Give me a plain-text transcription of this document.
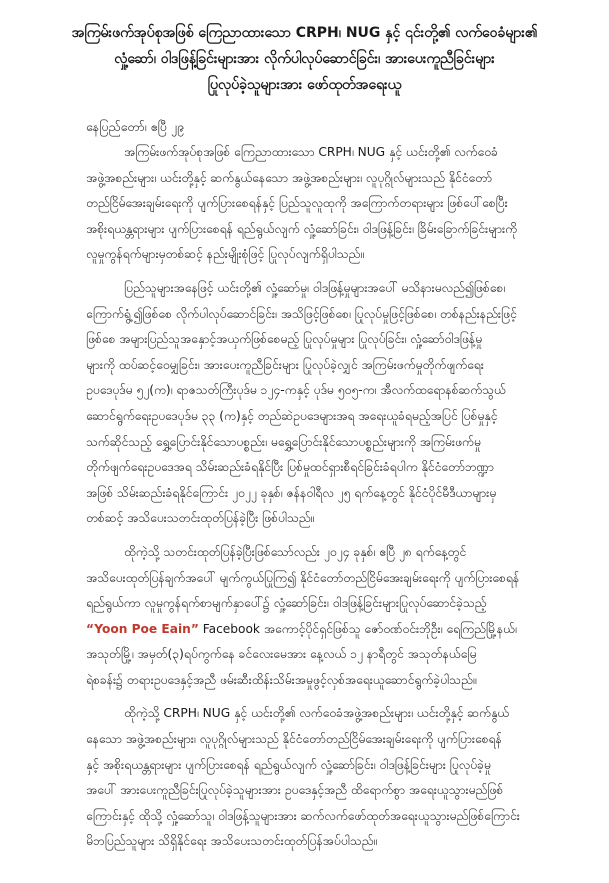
အကြမ်းဖက်အုပ်စုအဖြစ် ကြေညာထားသော CRPH၊ NUG နှင့် ၎င်းတို့၏ လက်ဝေခံများ၏
လှုံ့ဆော်၊ ဝါဒဖြန့်ခြင်းများအား လိုက်ပါလုပ်ဆောင်ခြင်း၊ အားပေးကူညီခြင်းများ
ပြုလုပ်ခဲ့သူများအား ဖော်ထုတ်အရေးယူ
နေပြည်တော်၊ ဧပြီ ၂၉
အကြမ်းဖက်အုပ်စုအဖြစ် ကြေညာထားသော CRPH၊ NUG နှင့် ယင်းတို့၏ လက်ဝေခံ
အဖွဲ့အစည်းများ၊ ယင်းတို့နှင့် ဆက်နွယ်နေသော အဖွဲ့အစည်းများ၊ လူပုဂ္ဂိုလ်များသည် နိုင်ငံတော်
တည်ငြိမ်အေးချမ်းရေးကို ပျက်ပြားစေရန်နှင့် ပြည်သူလူထုကို အကြောက်တရားများ ဖြစ်ပေါ်စေပြီး
အစိုးရယန္တရားများ ပျက်ပြားစေရန် ရည်ရွယ်လျက် လှုံ့ဆော်ခြင်း၊ ဝါဒဖြန့်ခြင်း၊ ခြိမ်းခြောက်ခြင်းများကို
လူမှုကွန်ရက်များမှတစ်ဆင့် နည်းမျိုးစုံဖြင့် ပြုလုပ်လျက်ရှိပါသည်။
ပြည်သူများအနေဖြင့် ယင်းတို့၏ လှုံ့ဆော်မှု၊ ဝါဒဖြန့်မှုများအပေါ် မသိနားမလည်၍ဖြစ်စေ၊
ကြောက်ရွံ့၍ဖြစ်စေ လိုက်ပါလုပ်ဆောင်ခြင်း၊ အသိဖြင့်ဖြစ်စေ၊ ပြုလုပ်မှုဖြင့်ဖြစ်စေ၊ တစ်နည်းနည်းဖြင့်
ဖြစ်စေ အများပြည်သူအနှောင့်အယှက်ဖြစ်စေမည့် ပြုလုပ်မှုများ ပြုလုပ်ခြင်း၊ လှုံ့ဆော်ဝါဒဖြန့်မှု
များကို ထပ်ဆင့်ဝေမျှခြင်း၊ အားပေးကူညီခြင်းများ ပြုလုပ်ခဲ့လျှင် အကြမ်းဖက်မှုတိုက်ဖျက်ရေး
ဥပဒေပုဒ်မ ၅၂(က)၊ ရာဇသတ်ကြီးပုဒ်မ ၁၂၄-ကနှင့် ပုဒ်မ ၅၀၅-က၊ အီလက်ထရောနစ်ဆက်သွယ်
ဆောင်ရွက်ရေးဥပဒေပုဒ်မ ၃၃ (က)နှင့် တည်ဆဲဥပဒေများအရ အရေးယူခံရမည့်အပြင် ပြစ်မှုနှင့်
သက်ဆိုင်သည့် ရွှေ့ပြောင်းနိုင်သောပစ္စည်း၊ မရွှေ့ပြောင်းနိုင်သောပစ္စည်းများကို အကြမ်းဖက်မှု
တိုက်ဖျက်ရေးဥပဒေအရ သိမ်းဆည်းခံရနိုင်ပြီး ပြစ်မှုထင်ရှားစီရင်ခြင်းခံရပါက နိုင်ငံတော်ဘဏ္ဍာ
အဖြစ် သိမ်းဆည်းခံရနိုင်ကြောင်း ၂၀၂၂ ခုနှစ်၊ ဇန်နဝါရီလ ၂၅ ရက်နေ့တွင် နိုင်ငံပိုင်မီဒီယာများမှ
တစ်ဆင့် အသိပေးသတင်းထုတ်ပြန်ခဲ့ပြီး ဖြစ်ပါသည်။
ထိုကဲ့သို့ သတင်းထုတ်ပြန်ခဲ့ပြီးဖြစ်သော်လည်း ၂၀၂၄ ခုနှစ်၊ ဧပြီ ၂၈ ရက်နေ့တွင်
အသိပေးထုတ်ပြန်ချက်အပေါ် မျက်ကွယ်ပြုကြ၍ နိုင်ငံတော်တည်ငြိမ်အေးချမ်းရေးကို ပျက်ပြားစေရန်
ရည်ရွယ်ကာ လူမှုကွန်ရက်စာမျက်နှာပေါ်၌ လှုံ့ဆော်ခြင်း၊ ဝါဒဖြန့်ခြင်းများပြုလုပ်ဆောင်ခဲ့သည့်
“Yoon Poe Eain” Facebook အကောင့်ပိုင်ရှင်ဖြစ်သူ ဇော်ဝဏ်ဝင်းဘိုဦး၊ ရေကြည်မြို့နယ်၊
အသုတ်မြို့၊ အမှတ်(၃)ရပ်ကွက်နေ ခင်လေးမေအား နေ့လယ် ၁၂ နာရီတွင် အသုတ်နယ်မြေ
ရဲစခန်း၌ တရားဥပဒေနှင့်အညီ ဖမ်းဆီးထိန်းသိမ်းအမှုဖွင့်လှစ်အရေးယူဆောင်ရွက်ခဲ့ပါသည်။
ထိုကဲ့သို့ CRPH၊ NUG နှင့် ယင်းတို့၏ လက်ဝေခံအဖွဲ့အစည်းများ၊ ယင်းတို့နှင့် ဆက်နွယ်
နေသော အဖွဲ့အစည်းများ၊ လူပုဂ္ဂိုလ်များသည် နိုင်ငံတော်တည်ငြိမ်အေးချမ်းရေးကို ပျက်ပြားစေရန်
နှင့် အစိုးရယန္တရားများ ပျက်ပြားစေရန် ရည်ရွယ်လျက် လှုံ့ဆော်ခြင်း၊ ဝါဒဖြန့်ခြင်းများ ပြုလုပ်ခဲ့မှု
အပေါ် အားပေးကူညီခြင်းပြုလုပ်ခဲ့သူများအား ဥပဒေနှင့်အညီ ထိရောက်စွာ အရေးယူသွားမည်ဖြစ်
ကြောင်းနှင့် ထိုသို့ လှုံ့ဆော်သူ၊ ဝါဒဖြန့်သူများအား ဆက်လက်ဖော်ထုတ်အရေးယူသွားမည်ဖြစ်ကြောင်း
မိဘပြည်သူများ သိရှိနိုင်ရေး အသိပေးသတင်းထုတ်ပြန်အပ်ပါသည်။
